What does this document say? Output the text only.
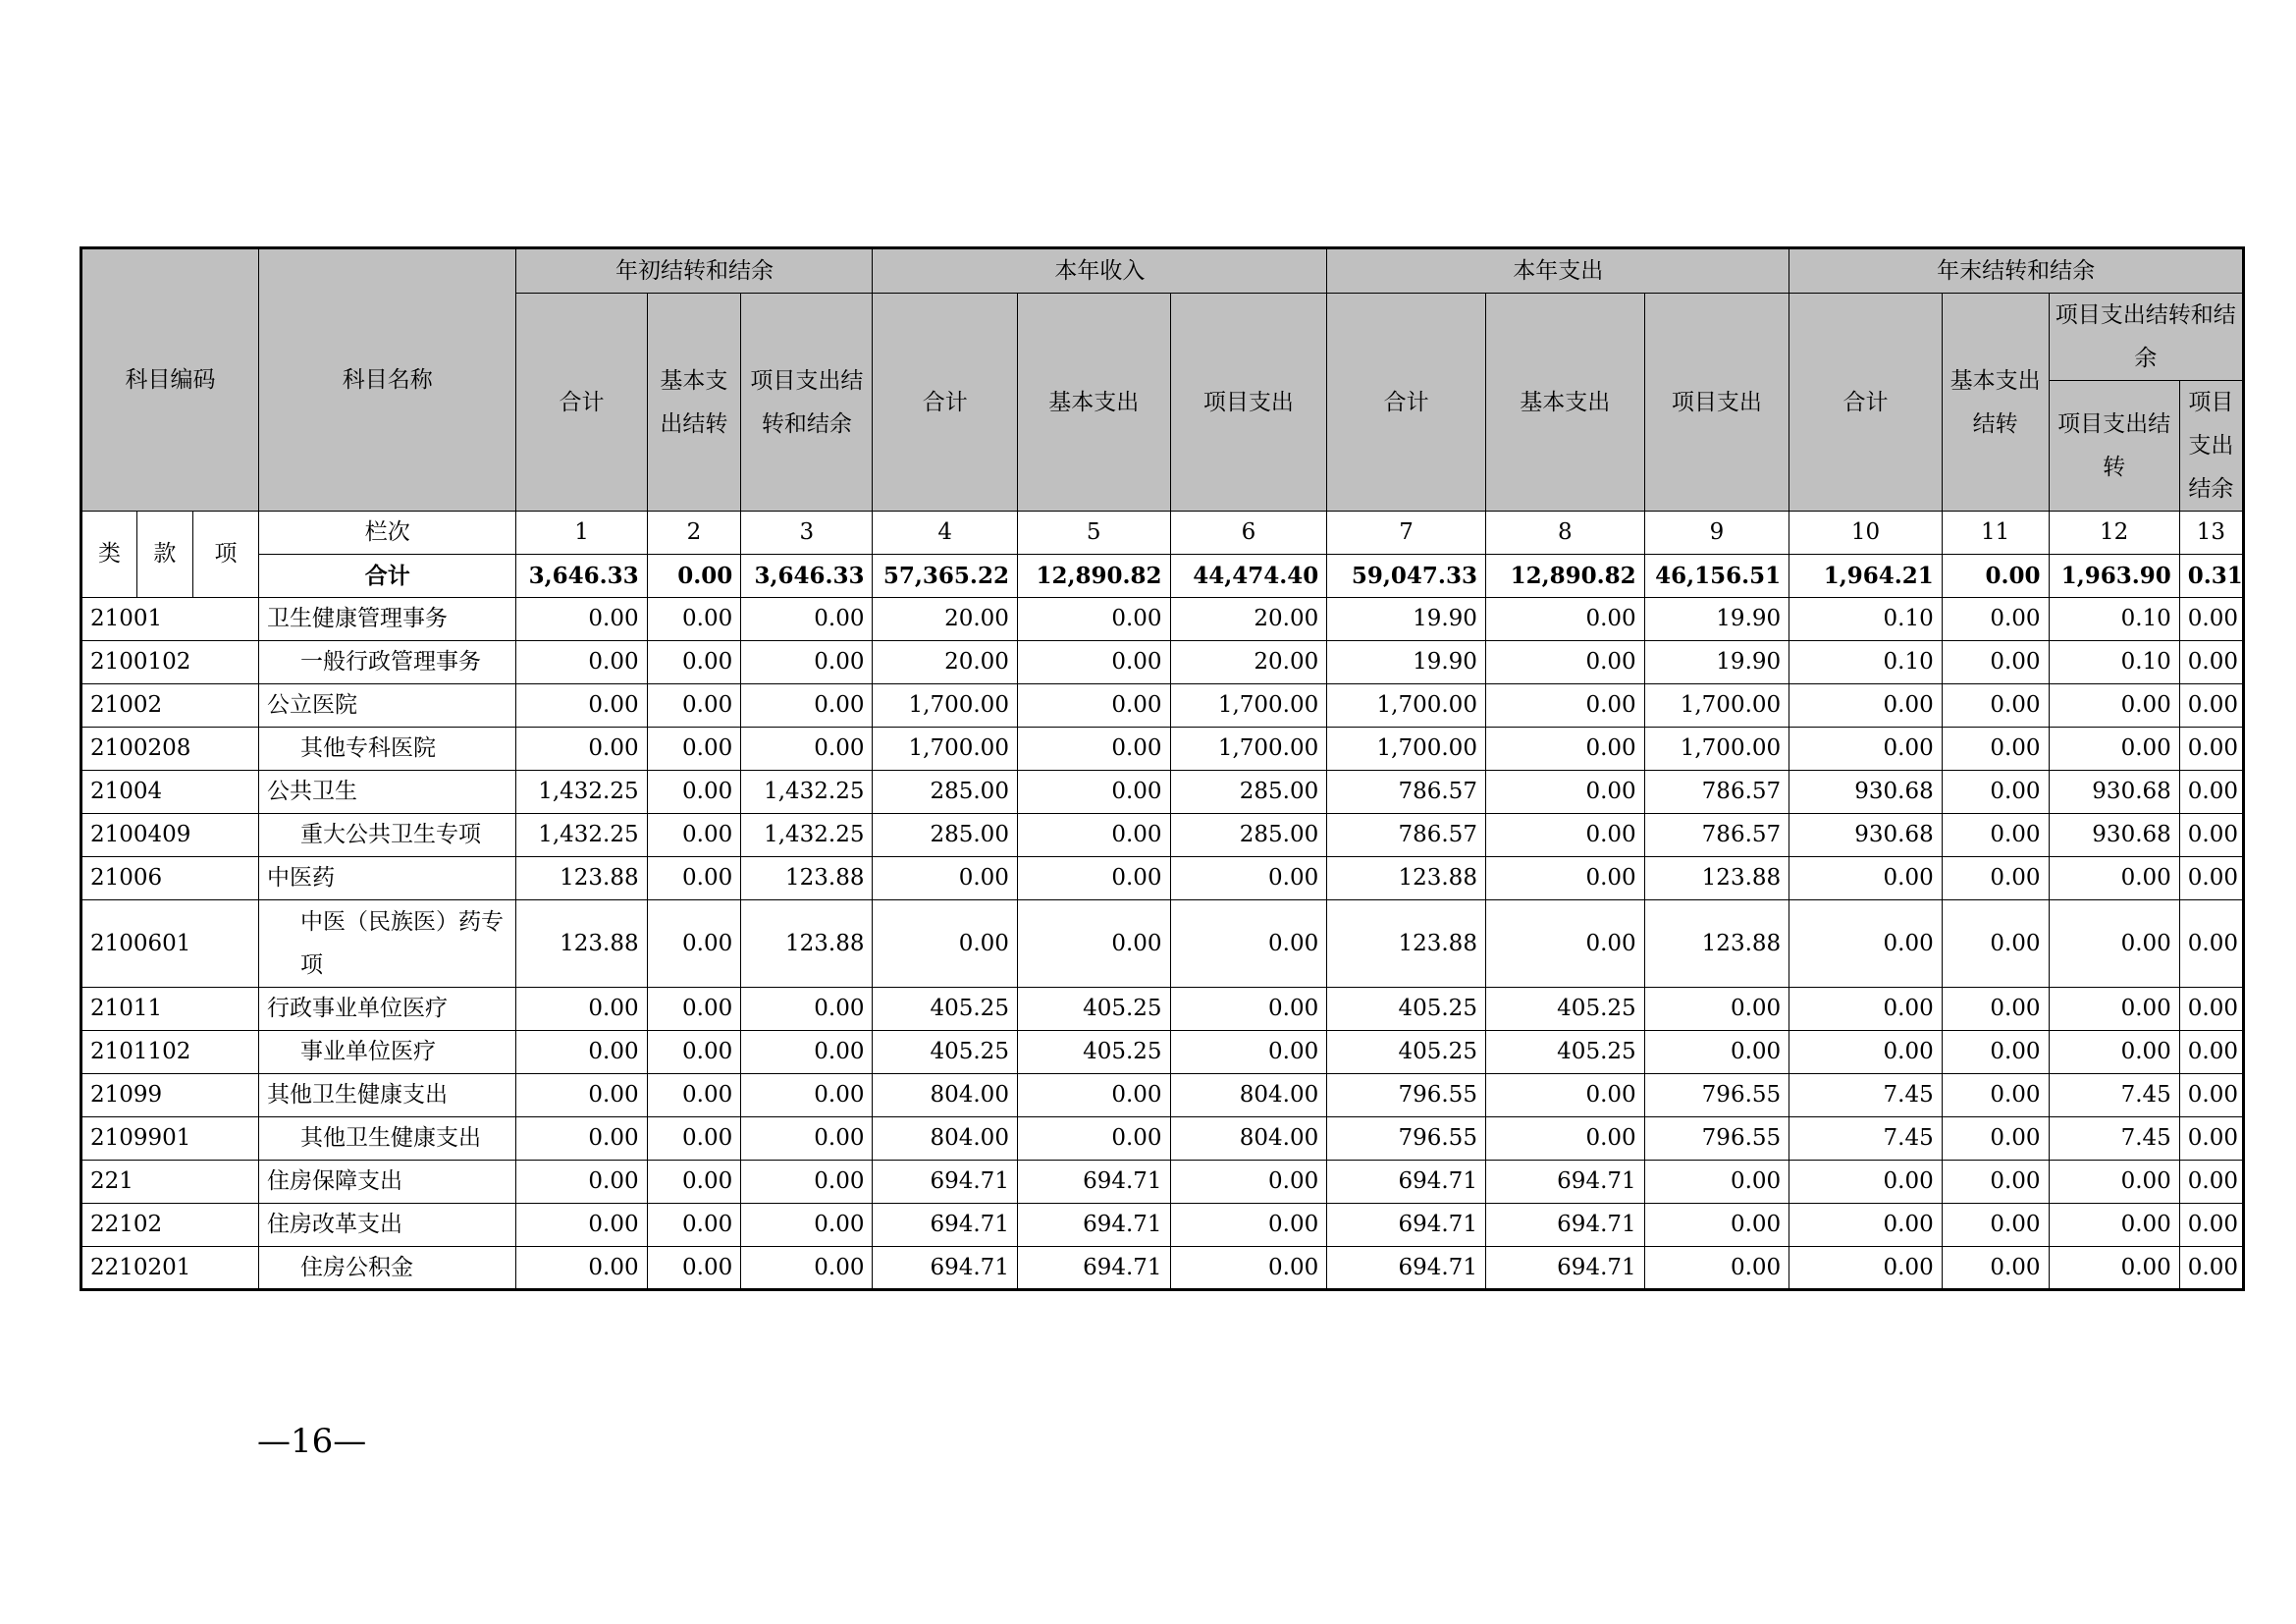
科目编码			科目名称	年初结转和结余			本年收入			本年支出			年末结转和结余			
				合计	基本支出结转	项目支出结转和结余	合计	基本支出	项目支出	合计	基本支出	项目支出	合计	基本支出结转	项目支出结转和结余	
															项目支出结转	项目支出结余
类	款	项	栏次	1	2	3	4	5	6	7	8	9	10	11	12	13
			合计	3,646.33	0.00	3,646.33	57,365.22	12,890.82	44,474.40	59,047.33	12,890.82	46,156.51	1,964.21	0.00	1,963.90	0.31
21001			卫生健康管理事务	0.00	0.00	0.00	20.00	0.00	20.00	19.90	0.00	19.90	0.10	0.00	0.10	0.00
2100102			一般行政管理事务	0.00	0.00	0.00	20.00	0.00	20.00	19.90	0.00	19.90	0.10	0.00	0.10	0.00
21002			公立医院	0.00	0.00	0.00	1,700.00	0.00	1,700.00	1,700.00	0.00	1,700.00	0.00	0.00	0.00	0.00
2100208			其他专科医院	0.00	0.00	0.00	1,700.00	0.00	1,700.00	1,700.00	0.00	1,700.00	0.00	0.00	0.00	0.00
21004			公共卫生	1,432.25	0.00	1,432.25	285.00	0.00	285.00	786.57	0.00	786.57	930.68	0.00	930.68	0.00
2100409			重大公共卫生专项	1,432.25	0.00	1,432.25	285.00	0.00	285.00	786.57	0.00	786.57	930.68	0.00	930.68	0.00
21006			中医药	123.88	0.00	123.88	0.00	0.00	0.00	123.88	0.00	123.88	0.00	0.00	0.00	0.00
2100601			中医（民族医）药专项	123.88	0.00	123.88	0.00	0.00	0.00	123.88	0.00	123.88	0.00	0.00	0.00	0.00
21011			行政事业单位医疗	0.00	0.00	0.00	405.25	405.25	0.00	405.25	405.25	0.00	0.00	0.00	0.00	0.00
2101102			事业单位医疗	0.00	0.00	0.00	405.25	405.25	0.00	405.25	405.25	0.00	0.00	0.00	0.00	0.00
21099			其他卫生健康支出	0.00	0.00	0.00	804.00	0.00	804.00	796.55	0.00	796.55	7.45	0.00	7.45	0.00
2109901			其他卫生健康支出	0.00	0.00	0.00	804.00	0.00	804.00	796.55	0.00	796.55	7.45	0.00	7.45	0.00
221			住房保障支出	0.00	0.00	0.00	694.71	694.71	0.00	694.71	694.71	0.00	0.00	0.00	0.00	0.00
22102			住房改革支出	0.00	0.00	0.00	694.71	694.71	0.00	694.71	694.71	0.00	0.00	0.00	0.00	0.00
2210201			住房公积金	0.00	0.00	0.00	694.71	694.71	0.00	694.71	694.71	0.00	0.00	0.00	0.00	0.00
—16—
